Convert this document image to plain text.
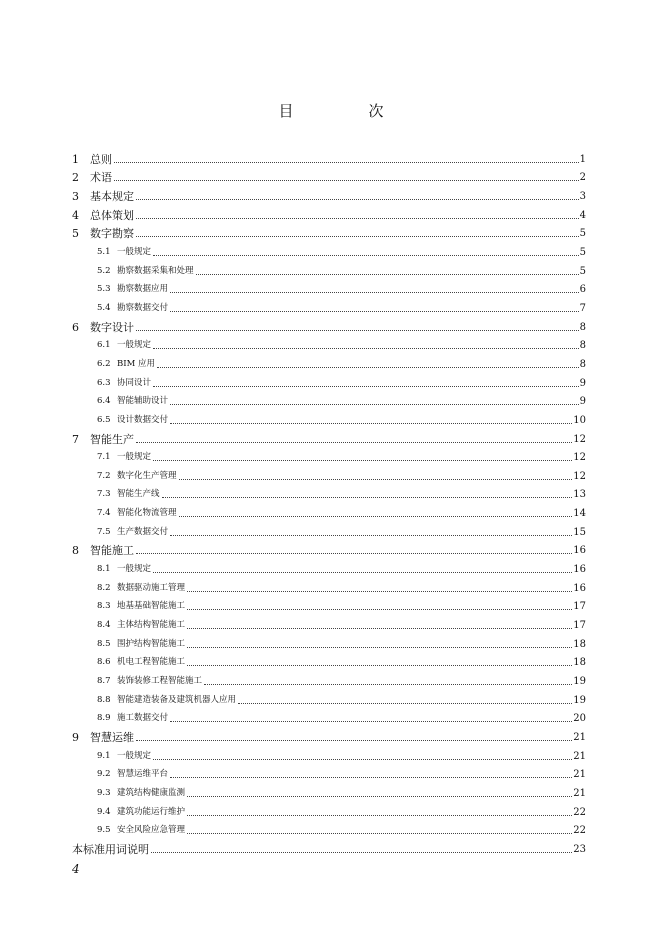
目　次
1	总则	1
2	术语	2
3	基本规定	3
4	总体策划	4
5	数字勘察	5
5.1 一般规定	5
5.2 勘察数据采集和处理	5
5.3 勘察数据应用	6
5.4 勘察数据交付	7
6	数字设计	8
6.1 一般规定	8
6.2 BIM 应用	8
6.3 协同设计	9
6.4 智能辅助设计	9
6.5 设计数据交付	10
7	智能生产	12
7.1 一般规定	12
7.2 数字化生产管理	12
7.3 智能生产线	13
7.4 智能化物流管理	14
7.5 生产数据交付	15
8	智能施工	16
8.1 一般规定	16
8.2 数据驱动施工管理	16
8.3 地基基础智能施工	17
8.4 主体结构智能施工	17
8.5 围护结构智能施工	18
8.6 机电工程智能施工	18
8.7 装饰装修工程智能施工	19
8.8 智能建造装备及建筑机器人应用	19
8.9 施工数据交付	20
9	智慧运维	21
9.1 一般规定	21
9.2 智慧运维平台	21
9.3 建筑结构健康监测	21
9.4 建筑功能运行维护	22
9.5 安全风险应急管理	22
本标准用词说明	23
4
